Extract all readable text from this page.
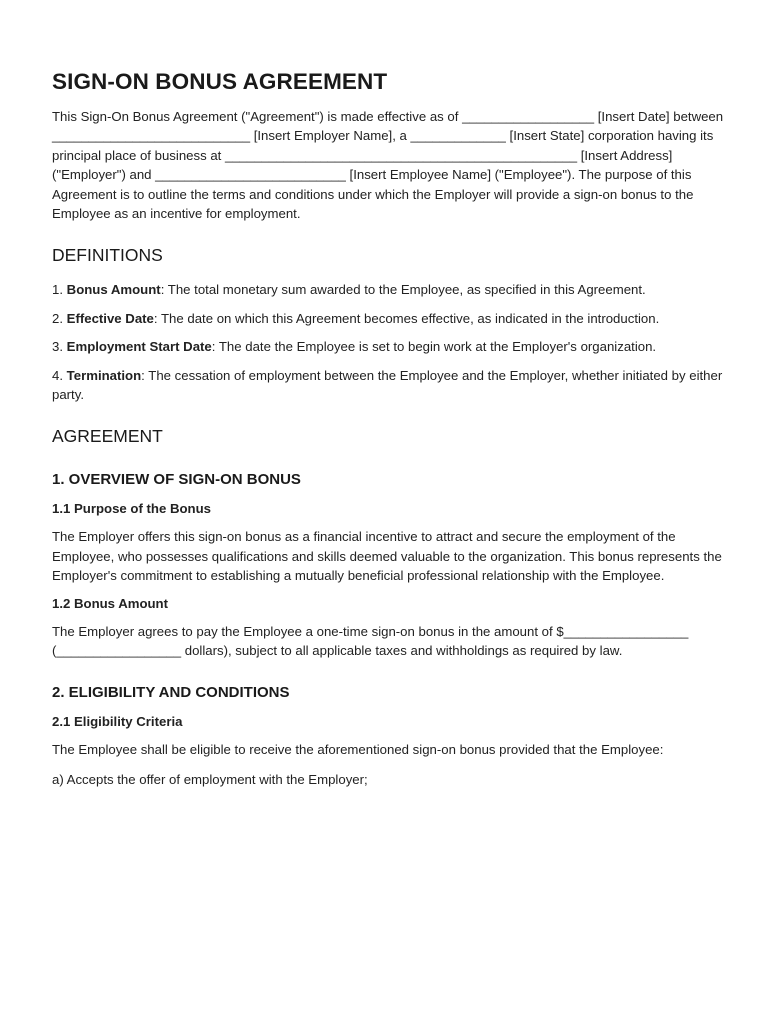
SIGN-ON BONUS AGREEMENT

This Sign-On Bonus Agreement ("Agreement") is made effective as of __________________ [Insert Date] between ___________________________ [Insert Employer Name], a _____________ [Insert State] corporation having its principal place of business at ________________________________________________ [Insert Address] ("Employer") and __________________________ [Insert Employee Name] ("Employee"). The purpose of this Agreement is to outline the terms and conditions under which the Employer will provide a sign-on bonus to the Employee as an incentive for employment.

DEFINITIONS

1. Bonus Amount: The total monetary sum awarded to the Employee, as specified in this Agreement.

2. Effective Date: The date on which this Agreement becomes effective, as indicated in the introduction.

3. Employment Start Date: The date the Employee is set to begin work at the Employer's organization.

4. Termination: The cessation of employment between the Employee and the Employer, whether initiated by either party.

AGREEMENT
1. OVERVIEW OF SIGN-ON BONUS
1.1 Purpose of the Bonus

The Employer offers this sign-on bonus as a financial incentive to attract and secure the employment of the Employee, who possesses qualifications and skills deemed valuable to the organization. This bonus represents the Employer's commitment to establishing a mutually beneficial professional relationship with the Employee.

1.2 Bonus Amount

The Employer agrees to pay the Employee a one-time sign-on bonus in the amount of $_________________ (_________________ dollars), subject to all applicable taxes and withholdings as required by law.

2. ELIGIBILITY AND CONDITIONS
2.1 Eligibility Criteria

The Employee shall be eligible to receive the aforementioned sign-on bonus provided that the Employee:

a) Accepts the offer of employment with the Employer;
